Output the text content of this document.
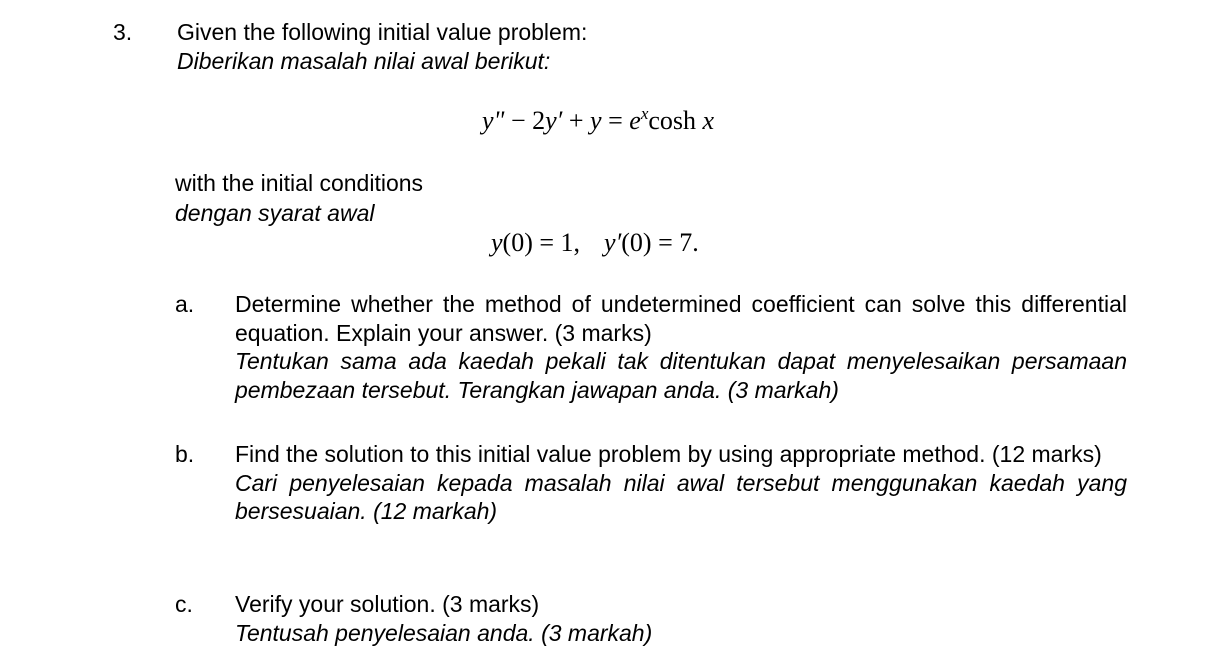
3. Given the following initial value problem:
Diberikan masalah nilai awal berikut:
y" − $2y' + y = e^x\cosh$ x
with the initial conditions
dengan syarat awal
y(0) = 1, y′(0) = 7.
a. Determine whether the method of undetermined coefficient can solve this differential equation. Explain your answer. (3 marks)
Tentukan sama ada kaedah pekali tak ditentukan dapat menyelesaikan persamaan pembezaan tersebut. Terangkan jawapan anda. (3 markah)
b. Find the solution to this initial value problem by using appropriate method. (12 marks)
Cari penyelesaian kepada masalah nilai awal tersebut menggunakan kaedah yang bersesuaian. (12 markah)
c. Verify your solution. (3 marks)
Tentusah penyelesaian anda. (3 markah)
